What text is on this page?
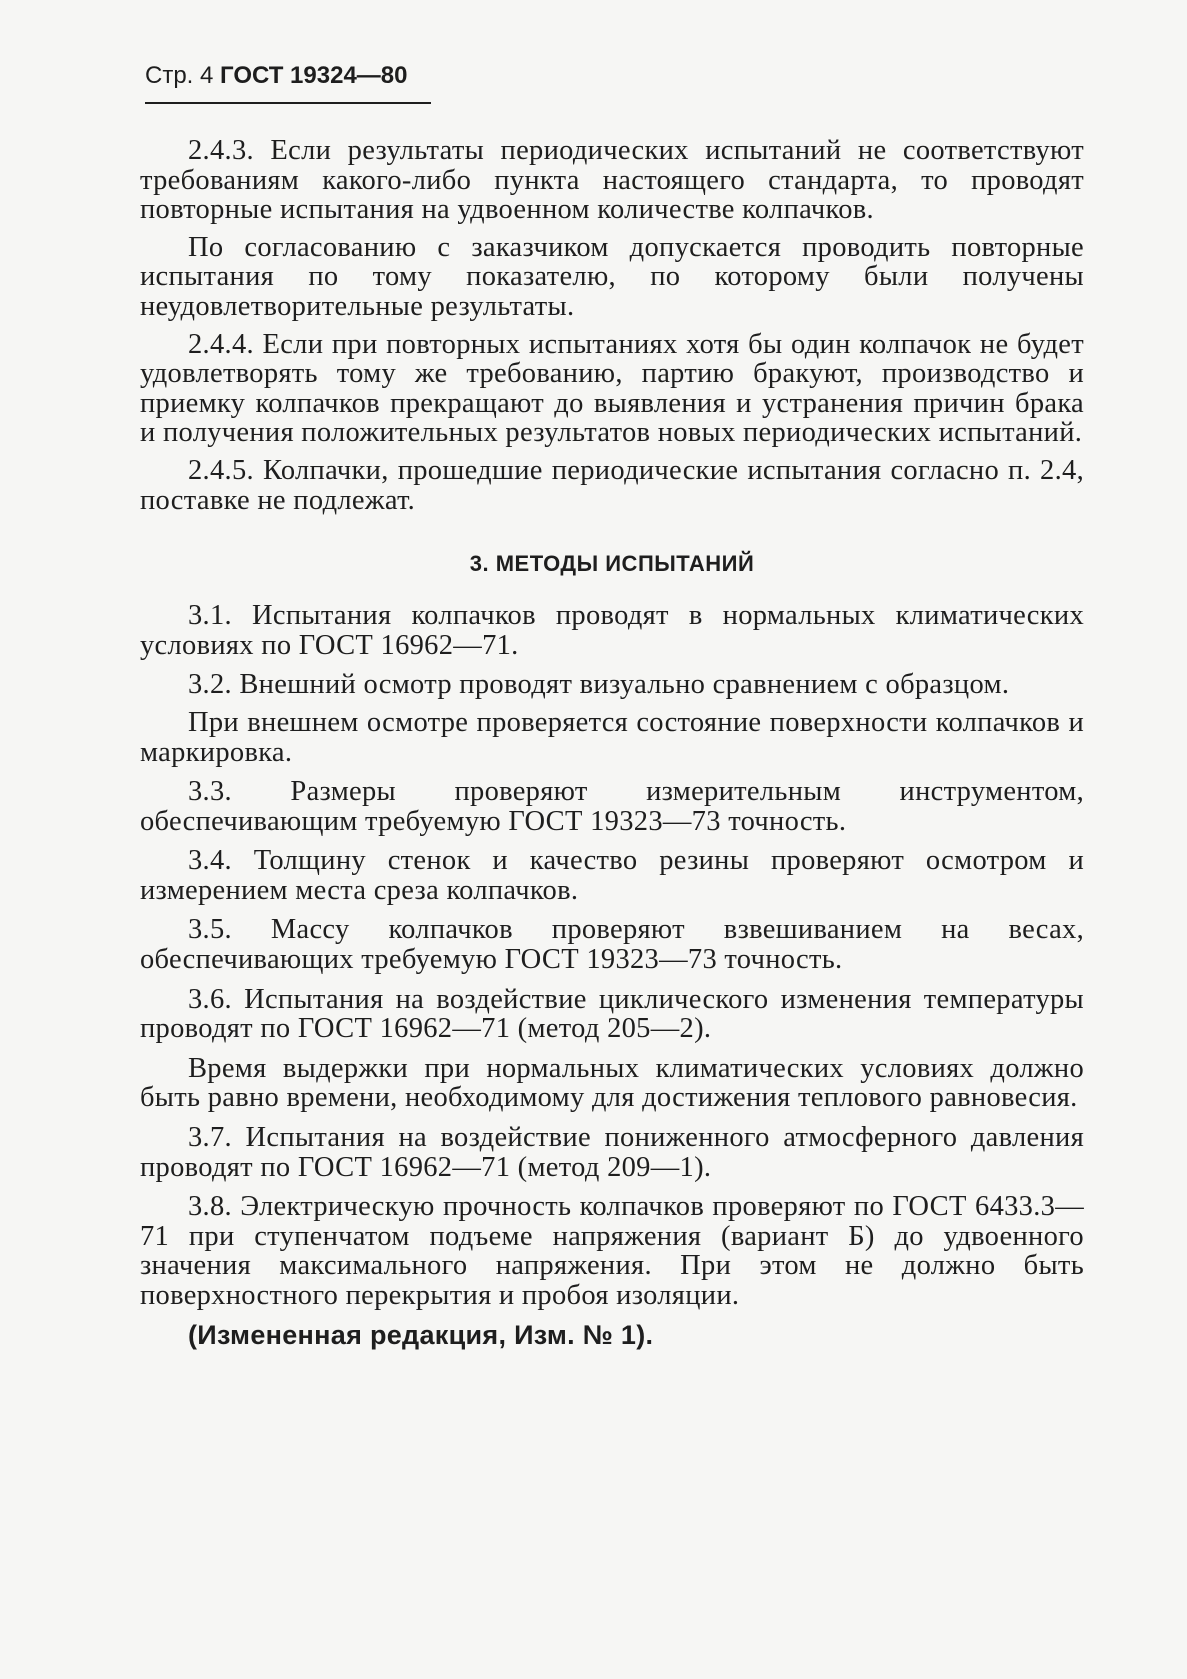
Стр. 4 ГОСТ 19324—80

2.4.3. Если результаты периодических испытаний не соответствуют требованиям какого-либо пункта настоящего стандарта, то проводят повторные испытания на удвоенном количестве колпачков.

По согласованию с заказчиком допускается проводить повторные испытания по тому показателю, по которому были получены неудовлетворительные результаты.

2.4.4. Если при повторных испытаниях хотя бы один колпачок не будет удовлетворять тому же требованию, партию бракуют, производство и приемку колпачков прекращают до выявления и устранения причин брака и получения положительных результатов новых периодических испытаний.

2.4.5. Колпачки, прошедшие периодические испытания согласно п. 2.4, поставке не подлежат.

3. МЕТОДЫ ИСПЫТАНИЙ

3.1. Испытания колпачков проводят в нормальных климатических условиях по ГОСТ 16962—71.

3.2. Внешний осмотр проводят визуально сравнением с образцом.

При внешнем осмотре проверяется состояние поверхности колпачков и маркировка.

3.3. Размеры проверяют измерительным инструментом, обеспечивающим требуемую ГОСТ 19323—73 точность.

3.4. Толщину стенок и качество резины проверяют осмотром и измерением места среза колпачков.

3.5. Массу колпачков проверяют взвешиванием на весах, обеспечивающих требуемую ГОСТ 19323—73 точность.

3.6. Испытания на воздействие циклического изменения температуры проводят по ГОСТ 16962—71 (метод 205—2).

Время выдержки при нормальных климатических условиях должно быть равно времени, необходимому для достижения теплового равновесия.

3.7. Испытания на воздействие пониженного атмосферного давления проводят по ГОСТ 16962—71 (метод 209—1).

3.8. Электрическую прочность колпачков проверяют по ГОСТ 6433.3—71 при ступенчатом подъеме напряжения (вариант Б) до удвоенного значения максимального напряжения. При этом не должно быть поверхностного перекрытия и пробоя изоляции.

(Измененная редакция, Изм. № 1).
